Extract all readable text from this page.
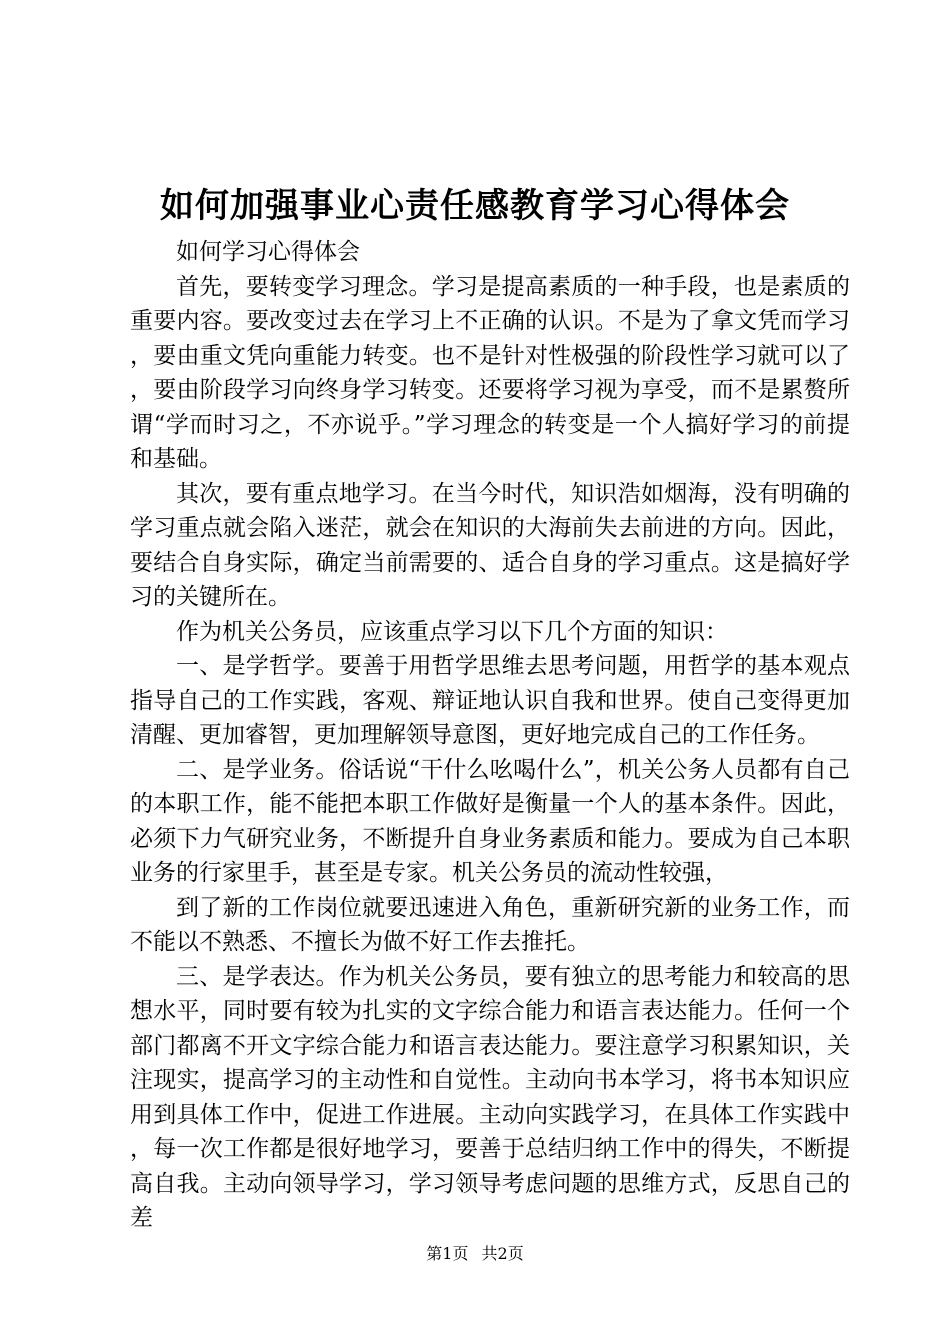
如何加强事业心责任感教育学习心得体会

如何学习心得体会

首先，要转变学习理念。学习是提高素质的一种手段，也是素质的重要内容。要改变过去在学习上不正确的认识。不是为了拿文凭而学习，要由重文凭向重能力转变。也不是针对性极强的阶段性学习就可以了，要由阶段学习向终身学习转变。还要将学习视为享受，而不是累赘所谓“学而时习之，不亦说乎。”学习理念的转变是一个人搞好学习的前提和基础。

其次，要有重点地学习。在当今时代，知识浩如烟海，没有明确的学习重点就会陷入迷茫，就会在知识的大海前失去前进的方向。因此，要结合自身实际，确定当前需要的、适合自身的学习重点。这是搞好学习的关键所在。

作为机关公务员，应该重点学习以下几个方面的知识：

一、是学哲学。要善于用哲学思维去思考问题，用哲学的基本观点指导自己的工作实践，客观、辩证地认识自我和世界。使自己变得更加清醒、更加睿智，更加理解领导意图，更好地完成自己的工作任务。

二、是学业务。俗话说“干什么吆喝什么”，机关公务人员都有自己的本职工作，能不能把本职工作做好是衡量一个人的基本条件。因此，必须下力气研究业务，不断提升自身业务素质和能力。要成为自己本职业务的行家里手，甚至是专家。机关公务员的流动性较强，

到了新的工作岗位就要迅速进入角色，重新研究新的业务工作，而不能以不熟悉、不擅长为做不好工作去推托。

三、是学表达。作为机关公务员，要有独立的思考能力和较高的思想水平，同时要有较为扎实的文字综合能力和语言表达能力。任何一个部门都离不开文字综合能力和语言表达能力。要注意学习积累知识，关注现实，提高学习的主动性和自觉性。主动向书本学习，将书本知识应用到具体工作中，促进工作进展。主动向实践学习，在具体工作实践中，每一次工作都是很好地学习，要善于总结归纳工作中的得失，不断提高自我。主动向领导学习，学习领导考虑问题的思维方式，反思自己的差

第1页 共2页
